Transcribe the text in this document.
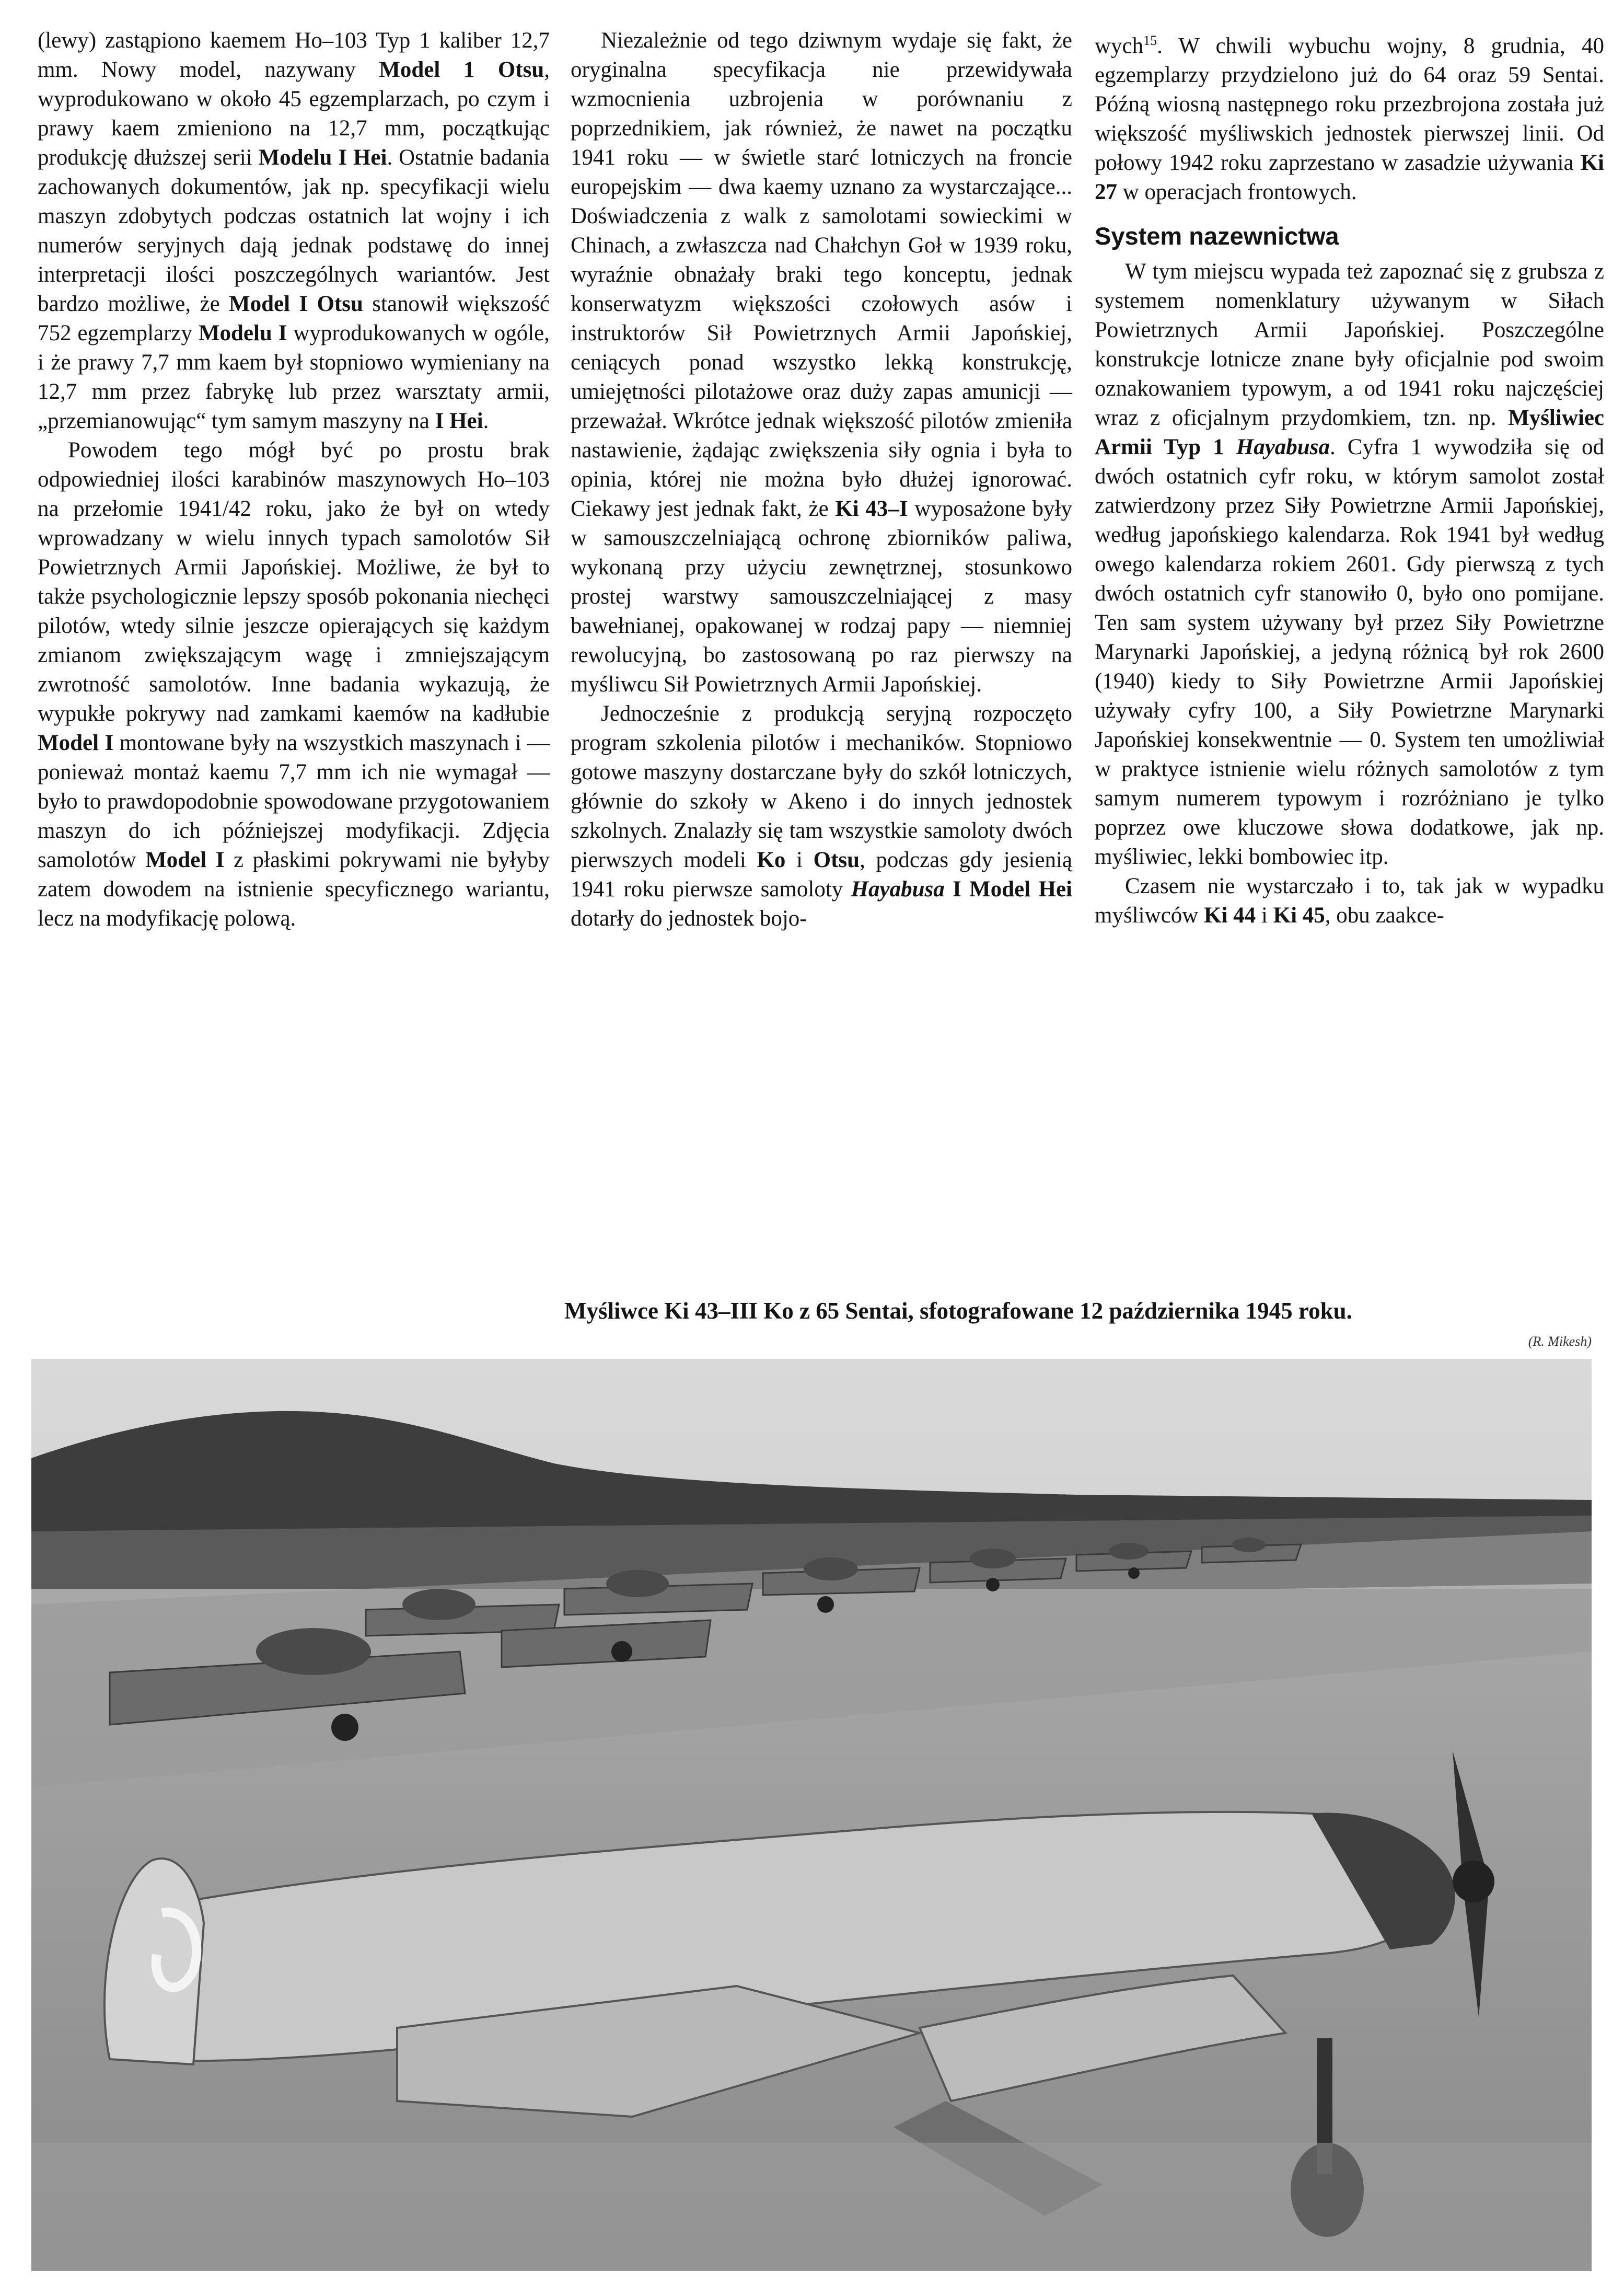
(lewy) zastąpiono kaemem Ho–103 Typ 1 kaliber 12,7 mm. Nowy model, nazywany Model 1 Otsu, wyprodukowano w około 45 egzemplarzach, po czym i prawy kaem zmieniono na 12,7 mm, początkując produkcję dłuższej serii Modelu I Hei. Ostatnie badania zachowanych dokumentów, jak np. specyfikacji wielu maszyn zdobytych podczas ostatnich lat wojny i ich numerów seryjnych dają jednak podstawę do innej interpretacji ilości poszczególnych wariantów. Jest bardzo możliwe, że Model I Otsu stanowił większość 752 egzemplarzy Modelu I wyprodukowanych w ogóle, i że prawy 7,7 mm kaem był stopniowo wymieniany na 12,7 mm przez fabrykę lub przez warsztaty armii, „przemianowując“ tym samym maszyny na I Hei.

Powodem tego mógł być po prostu brak odpowiedniej ilości karabinów maszynowych Ho–103 na przełomie 1941/42 roku, jako że był on wtedy wprowadzany w wielu innych typach samolotów Sił Powietrznych Armii Japońskiej. Możliwe, że był to także psychologicznie lepszy sposób pokonania niechęci pilotów, wtedy silnie jeszcze opierających się każdym zmianom zwiększającym wagę i zmniejszającym zwrotność samolotów. Inne badania wykazują, że wypukłe pokrywy nad zamkami kaemów na kadłubie Model I montowane były na wszystkich maszynach i — ponieważ montaż kaemu 7,7 mm ich nie wymagał — było to prawdopodobnie spowodowane przygotowaniem maszyn do ich późniejszej modyfikacji. Zdjęcia samolotów Model I z płaskimi pokrywami nie byłyby zatem dowodem na istnienie specyficznego wariantu, lecz na modyfikację polową.

Niezależnie od tego dziwnym wydaje się fakt, że oryginalna specyfikacja nie przewidywała wzmocnienia uzbrojenia w porównaniu z poprzednikiem, jak również, że nawet na początku 1941 roku — w świetle starć lotniczych na froncie europejskim — dwa kaemy uznano za wystarczające... Doświadczenia z walk z samolotami sowieckimi w Chinach, a zwłaszcza nad Chałchyn Goł w 1939 roku, wyraźnie obnażały braki tego konceptu, jednak konserwatyzm większości czołowych asów i instruktorów Sił Powietrznych Armii Japońskiej, ceniących ponad wszystko lekką konstrukcję, umiejętności pilotażowe oraz duży zapas amunicji — przeważał. Wkrótce jednak większość pilotów zmieniła nastawienie, żądając zwiększenia siły ognia i była to opinia, której nie można było dłużej ignorować. Ciekawy jest jednak fakt, że Ki 43–I wyposażone były w samouszczelniającą ochronę zbiorników paliwa, wykonaną przy użyciu zewnętrznej, stosunkowo prostej warstwy samouszczelniającej z masy bawełnianej, opakowanej w rodzaj papy — niemniej rewolucyjną, bo zastosowaną po raz pierwszy na myśliwcu Sił Powietrznych Armii Japońskiej.

Jednocześnie z produkcją seryjną rozpoczęto program szkolenia pilotów i mechaników. Stopniowo gotowe maszyny dostarczane były do szkół lotniczych, głównie do szkoły w Akeno i do innych jednostek szkolnych. Znalazły się tam wszystkie samoloty dwóch pierwszych modeli Ko i Otsu, podczas gdy jesienią 1941 roku pierwsze samoloty Hayabusa I Model Hei dotarły do jednostek bojo-

wych$^{15}$. W chwili wybuchu wojny, 8 grudnia, 40 egzemplarzy przydzielono już do 64 oraz 59 Sentai. Późną wiosną następnego roku przezbrojona została już większość myśliwskich jednostek pierwszej linii. Od połowy 1942 roku zaprzestano w zasadzie używania Ki 27 w operacjach frontowych.

System nazewnictwa

W tym miejscu wypada też zapoznać się z grubsza z systemem nomenklatury używanym w Siłach Powietrznych Armii Japońskiej. Poszczególne konstrukcje lotnicze znane były oficjalnie pod swoim oznakowaniem typowym, a od 1941 roku najczęściej wraz z oficjalnym przydomkiem, tzn. np. Myśliwiec Armii Typ 1 Hayabusa. Cyfra 1 wywodziła się od dwóch ostatnich cyfr roku, w którym samolot został zatwierdzony przez Siły Powietrzne Armii Japońskiej, według japońskiego kalendarza. Rok 1941 był według owego kalendarza rokiem 2601. Gdy pierwszą z tych dwóch ostatnich cyfr stanowiło 0, było ono pomijane. Ten sam system używany był przez Siły Powietrzne Marynarki Japońskiej, a jedyną różnicą był rok 2600 (1940) kiedy to Siły Powietrzne Armii Japońskiej używały cyfry 100, a Siły Powietrzne Marynarki Japońskiej konsekwentnie — 0. System ten umożliwiał w praktyce istnienie wielu różnych samolotów z tym samym numerem typowym i rozróżniano je tylko poprzez owe kluczowe słowa dodatkowe, jak np. myśliwiec, lekki bombowiec itp.

Czasem nie wystarczało i to, tak jak w wypadku myśliwców Ki 44 i Ki 45, obu zaakce-

Myśliwce Ki 43–III Ko z 65 Sentai, sfotografowane 12 października 1945 roku.
(R. Mikesh)
